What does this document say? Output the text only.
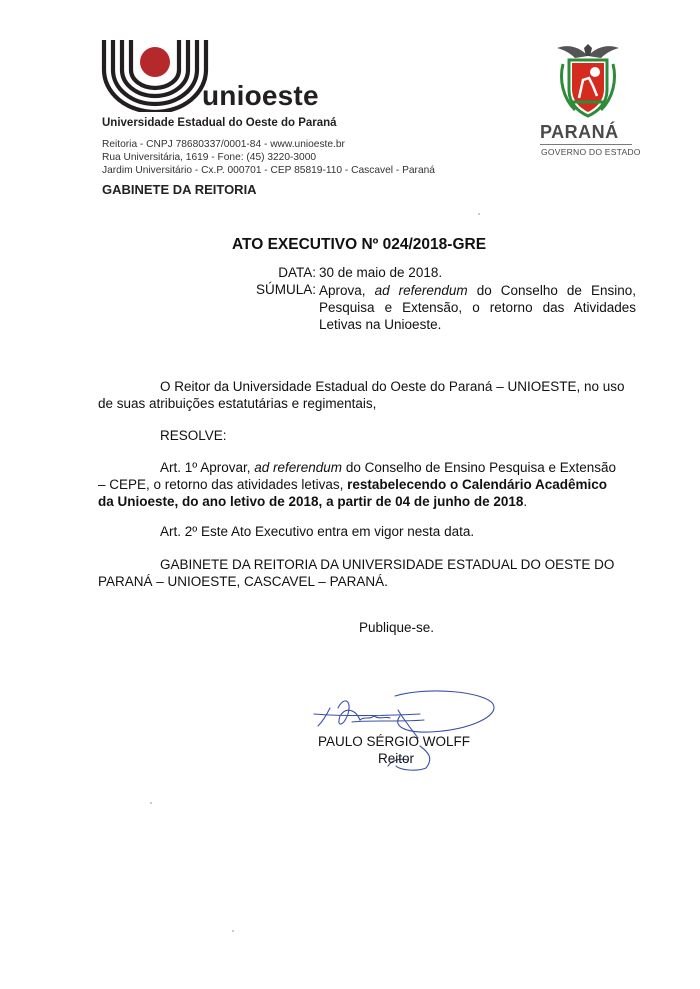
unioeste
Universidade Estadual do Oeste do Paraná
Reitoria - CNPJ 78680337/0001-84 - www.unioeste.br
Rua Universitária, 1619 - Fone: (45) 3220-3000
Jardim Universitário - Cx.P. 000701 - CEP 85819-110 - Cascavel - Paraná
GABINETE DA REITORIA
PARANÁ
GOVERNO DO ESTADO
ATO EXECUTIVO Nº 024/2018-GRE
DATA: 30 de maio de 2018.
SÚMULA: Aprova, ad referendum do Conselho de Ensino,
Pesquisa e Extensão, o retorno das Atividades
Letivas na Unioeste.
O Reitor da Universidade Estadual do Oeste do Paraná – UNIOESTE, no uso
de suas atribuições estatutárias e regimentais,
RESOLVE:
Art. 1º Aprovar, ad referendum do Conselho de Ensino Pesquisa e Extensão
– CEPE, o retorno das atividades letivas, restabelecendo o Calendário Acadêmico
da Unioeste, do ano letivo de 2018, a partir de 04 de junho de 2018.
Art. 2º Este Ato Executivo entra em vigor nesta data.
GABINETE DA REITORIA DA UNIVERSIDADE ESTADUAL DO OESTE DO
PARANÁ – UNIOESTE, CASCAVEL – PARANÁ.
Publique-se.
PAULO SÉRGIO WOLFF
Reitor
